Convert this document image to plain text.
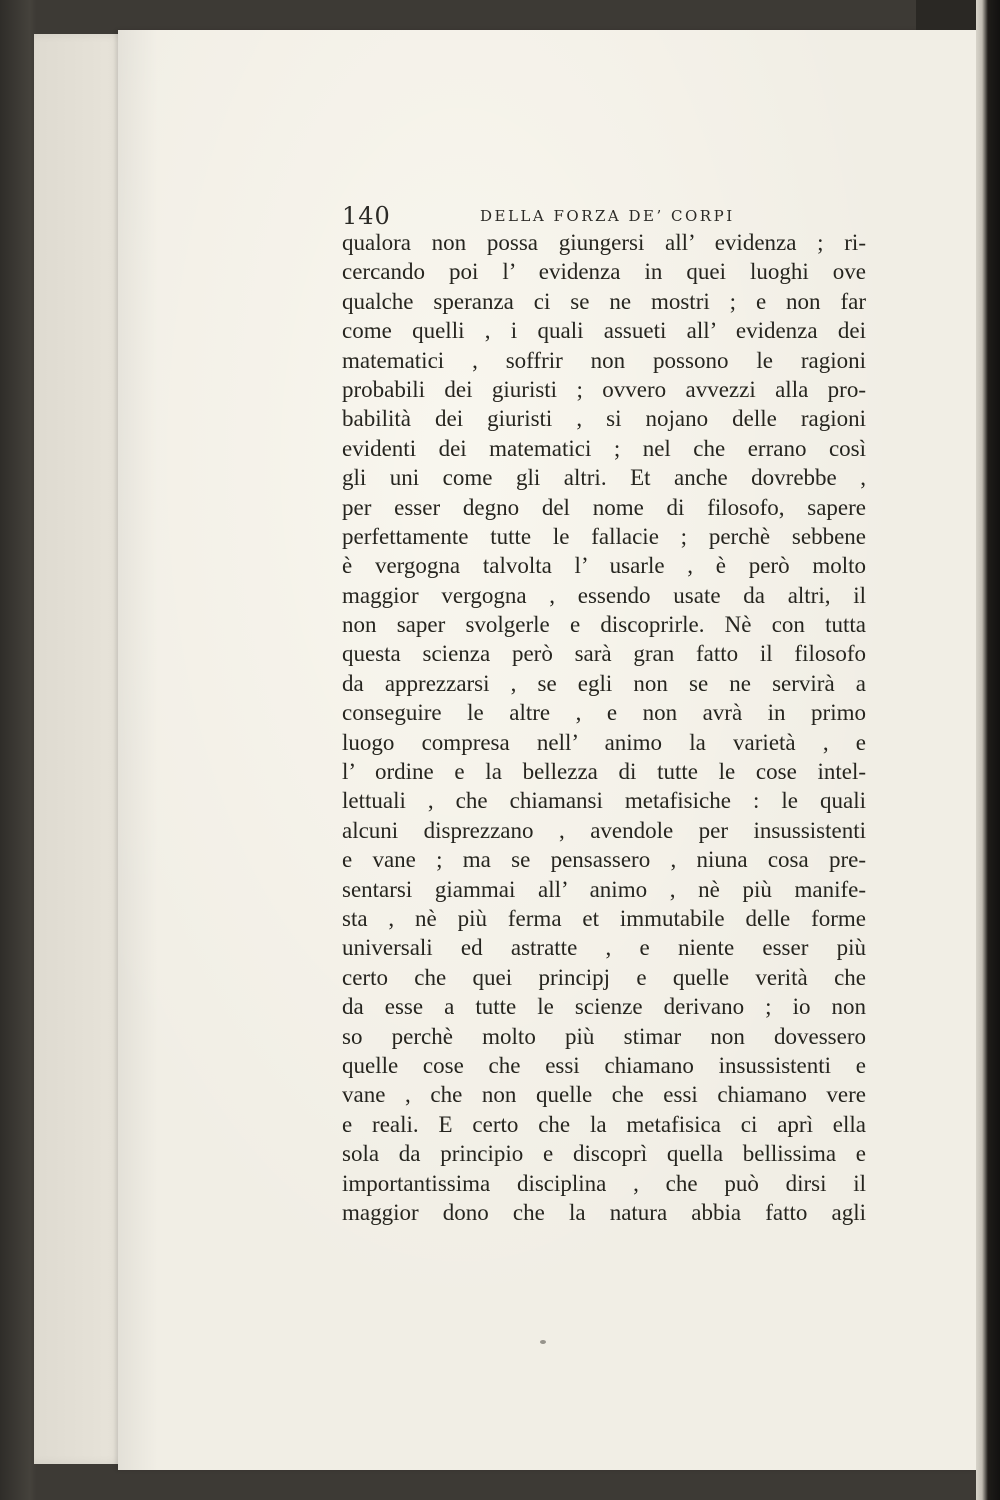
140	DELLA FORZA DE’ CORPI
qualora non possa giungersi all’ evidenza ; ri-
cercando poi l’ evidenza in quei luoghi ove
qualche speranza ci se ne mostri ; e non far
come quelli , i quali assueti all’ evidenza dei
matematici , soffrir non possono le ragioni
probabili dei giuristi ; ovvero avvezzi alla pro-
babilità dei giuristi , si nojano delle ragioni
evidenti dei matematici ; nel che errano così
gli uni come gli altri. Et anche dovrebbe ,
per esser degno del nome di filosofo, sapere
perfettamente tutte le fallacie ; perchè sebbene
è vergogna talvolta l’ usarle , è però molto
maggior vergogna , essendo usate da altri, il
non saper svolgerle e discoprirle. Nè con tutta
questa scienza però sarà gran fatto il filosofo
da apprezzarsi , se egli non se ne servirà a
conseguire le altre , e non avrà in primo
luogo compresa nell’ animo la varietà , e
l’ ordine e la bellezza di tutte le cose intel-
lettuali , che chiamansi metafisiche : le quali
alcuni disprezzano , avendole per insussistenti
e vane ; ma se pensassero , niuna cosa pre-
sentarsi giammai all’ animo , nè più manife-
sta , nè più ferma et immutabile delle forme
universali ed astratte , e niente esser più
certo che quei principj e quelle verità che
da esse a tutte le scienze derivano ; io non
so perchè molto più stimar non dovessero
quelle cose che essi chiamano insussistenti e
vane , che non quelle che essi chiamano vere
e reali. E certo che la metafisica ci aprì ella
sola da principio e discoprì quella bellissima e
importantissima disciplina , che può dirsi il
maggior dono che la natura abbia fatto agli
